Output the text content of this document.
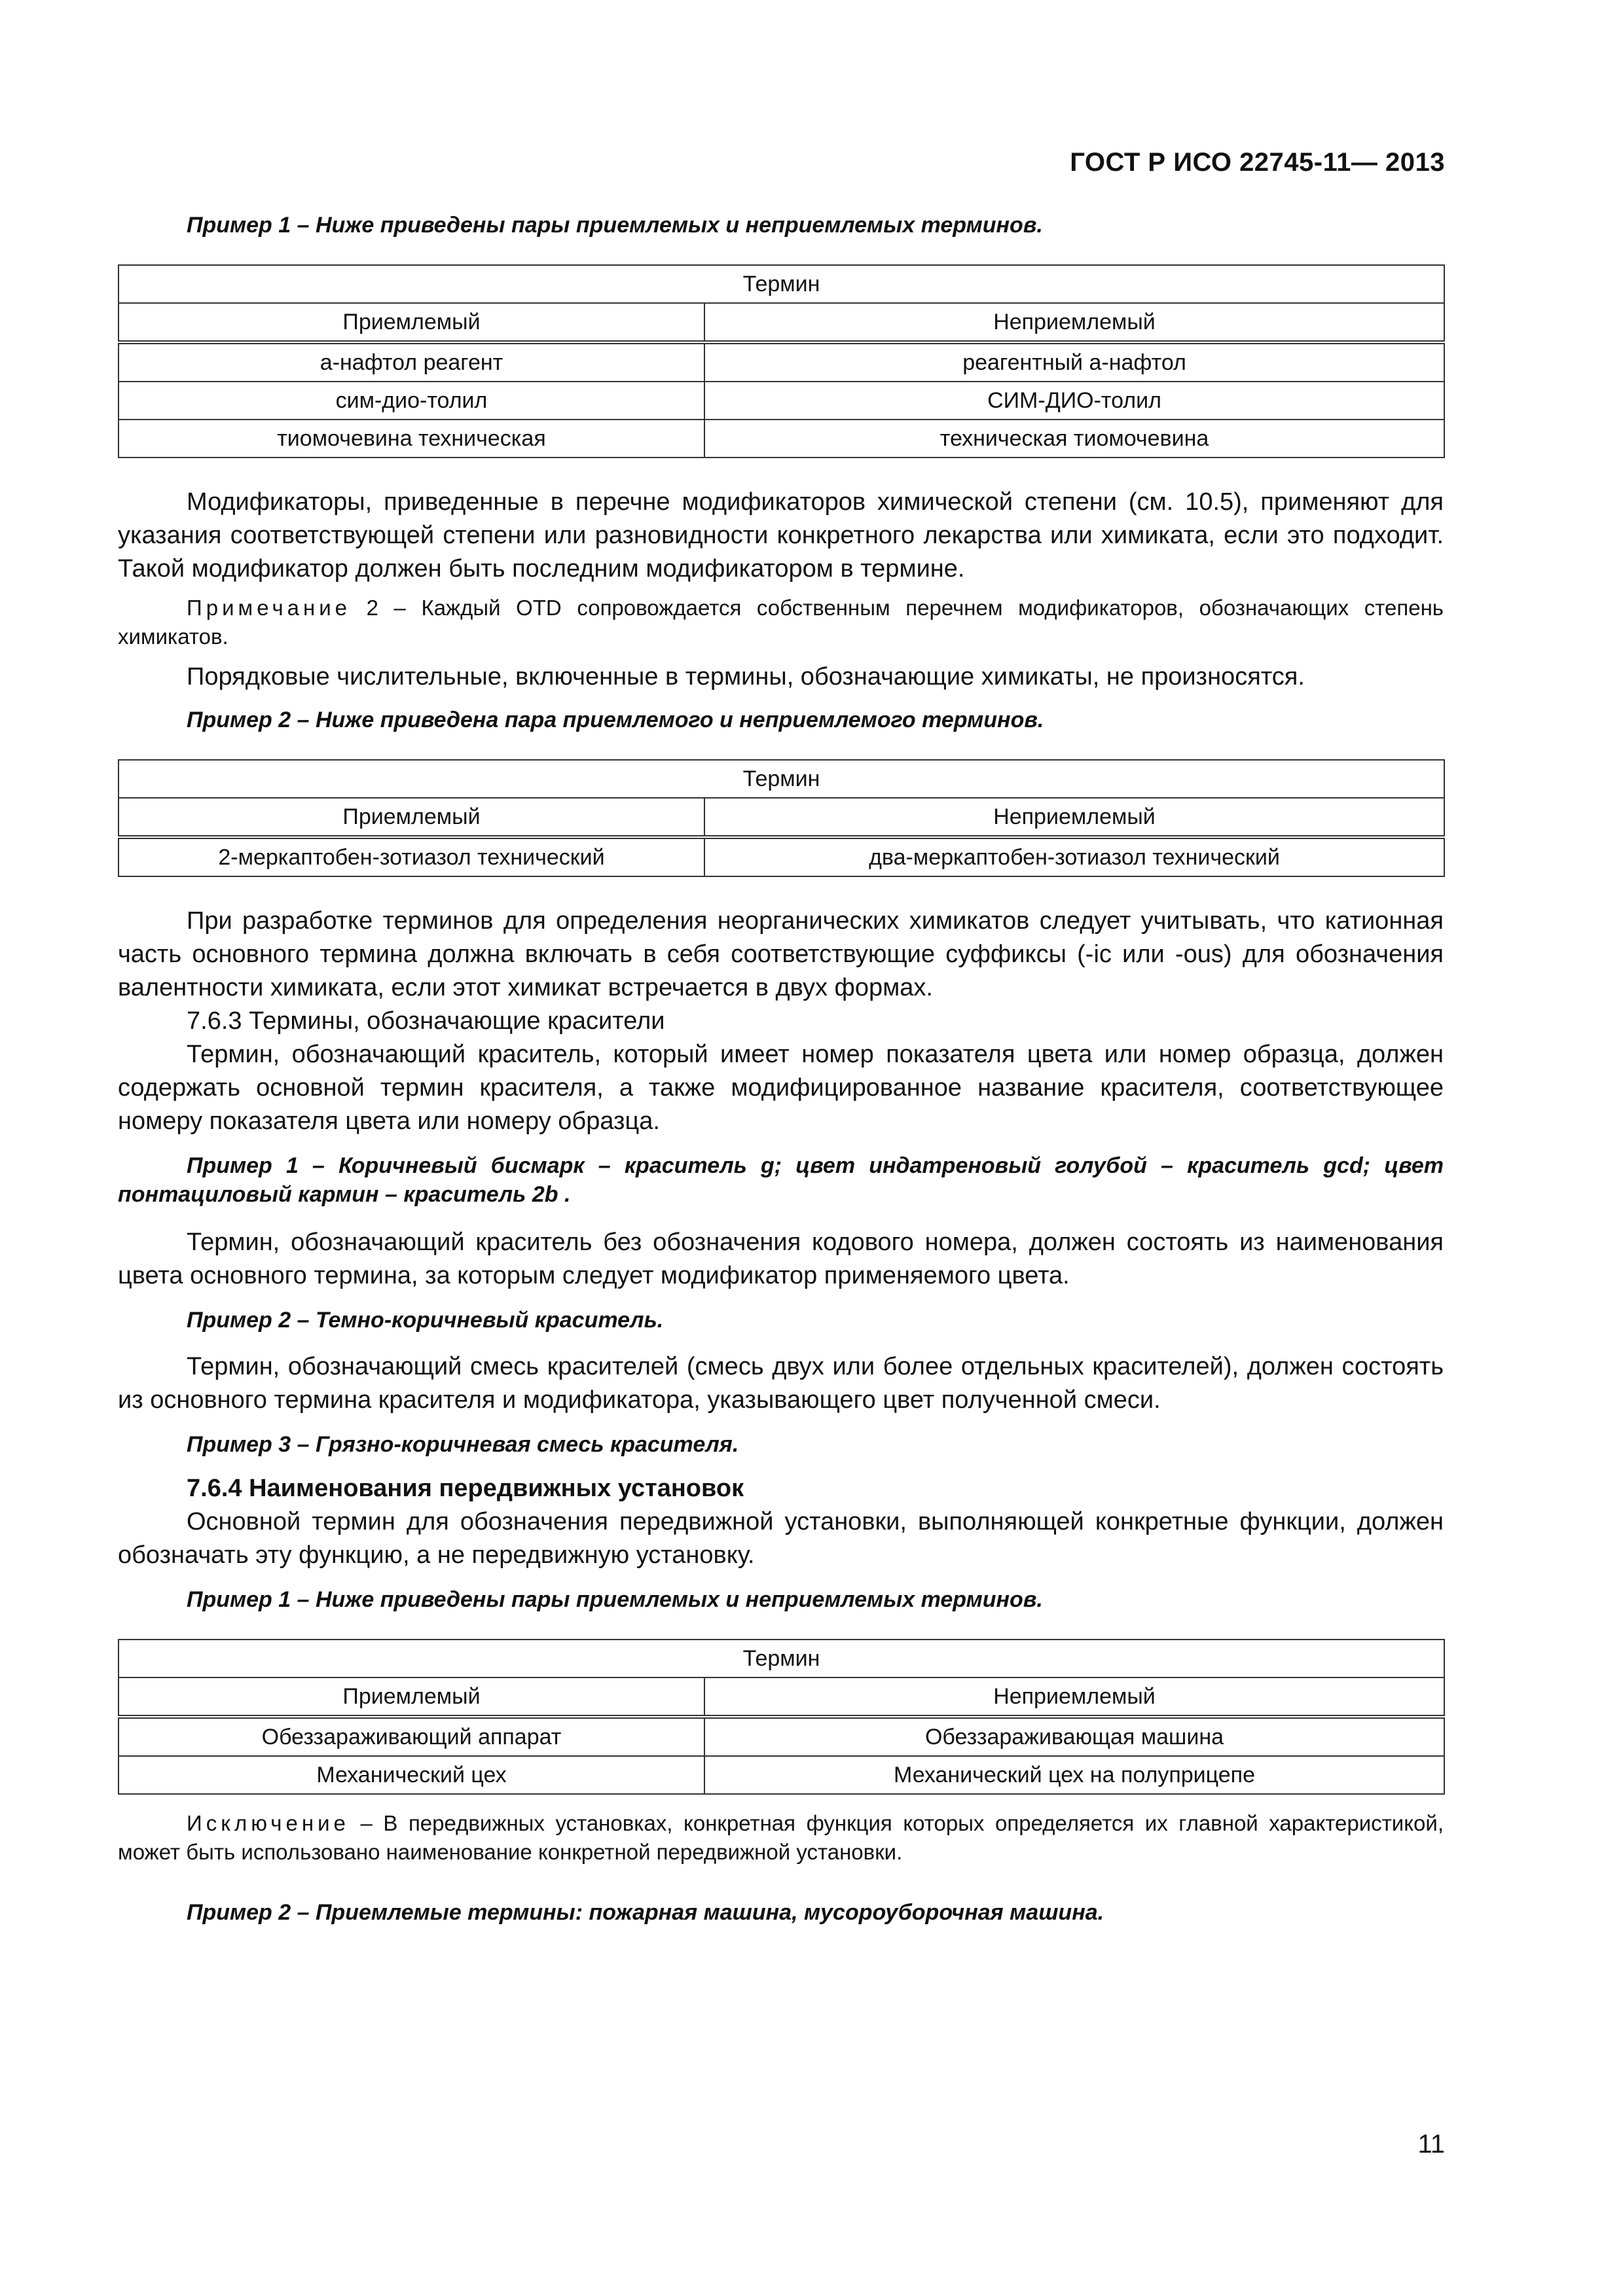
ГОСТ Р ИСО 22745-11— 2013

Пример 1 – Ниже приведены пары приемлемых и неприемлемых терминов.

Термин	
Приемлемый	Неприемлемый
а-нафтол реагент	реагентный а-нафтол
сим-дио-толил	СИМ-ДИО-толил
тиомочевина техническая	техническая тиомочевина

Модификаторы, приведенные в перечне модификаторов химической степени (см. 10.5), применяют для указания соответствующей степени или разновидности конкретного лекарства или химиката, если это подходит. Такой модификатор должен быть последним модификатором в термине.

Примечание 2 – Каждый OTD сопровождается собственным перечнем модификаторов, обозначающих степень химикатов.

Порядковые числительные, включенные в термины, обозначающие химикаты, не произносятся.

Пример 2 – Ниже приведена пара приемлемого и неприемлемого терминов.

Термин	
Приемлемый	Неприемлемый
2-меркаптобен-зотиазол технический	два-меркаптобен-зотиазол технический

При разработке терминов для определения неорганических химикатов следует учитывать, что катионная часть основного термина должна включать в себя соответствующие суффиксы (-ic или -ous) для обозначения валентности химиката, если этот химикат встречается в двух формах.

7.6.3 Термины, обозначающие красители

Термин, обозначающий краситель, который имеет номер показателя цвета или номер образца, должен содержать основной термин красителя, а также модифицированное название красителя, соответствующее номеру показателя цвета или номеру образца.

Пример 1 – Коричневый бисмарк – краситель g; цвет индатреновый голубой – краситель gcd; цвет понтациловый кармин – краситель 2b .

Термин, обозначающий краситель без обозначения кодового номера, должен состоять из наименования цвета основного термина, за которым следует модификатор применяемого цвета.

Пример 2 – Темно-коричневый краситель.

Термин, обозначающий смесь красителей (смесь двух или более отдельных красителей), должен состоять из основного термина красителя и модификатора, указывающего цвет полученной смеси.

Пример 3 – Грязно-коричневая смесь красителя.

7.6.4 Наименования передвижных установок

Основной термин для обозначения передвижной установки, выполняющей конкретные функции, должен обозначать эту функцию, а не передвижную установку.

Пример 1 – Ниже приведены пары приемлемых и неприемлемых терминов.

Термин	
Приемлемый	Неприемлемый
Обеззараживающий аппарат	Обеззараживающая машина
Механический цех	Механический цех на полуприцепе

Исключение – В передвижных установках, конкретная функция которых определяется их главной характеристикой, может быть использовано наименование конкретной передвижной установки.

Пример 2 – Приемлемые термины: пожарная машина, мусороуборочная машина.

11
